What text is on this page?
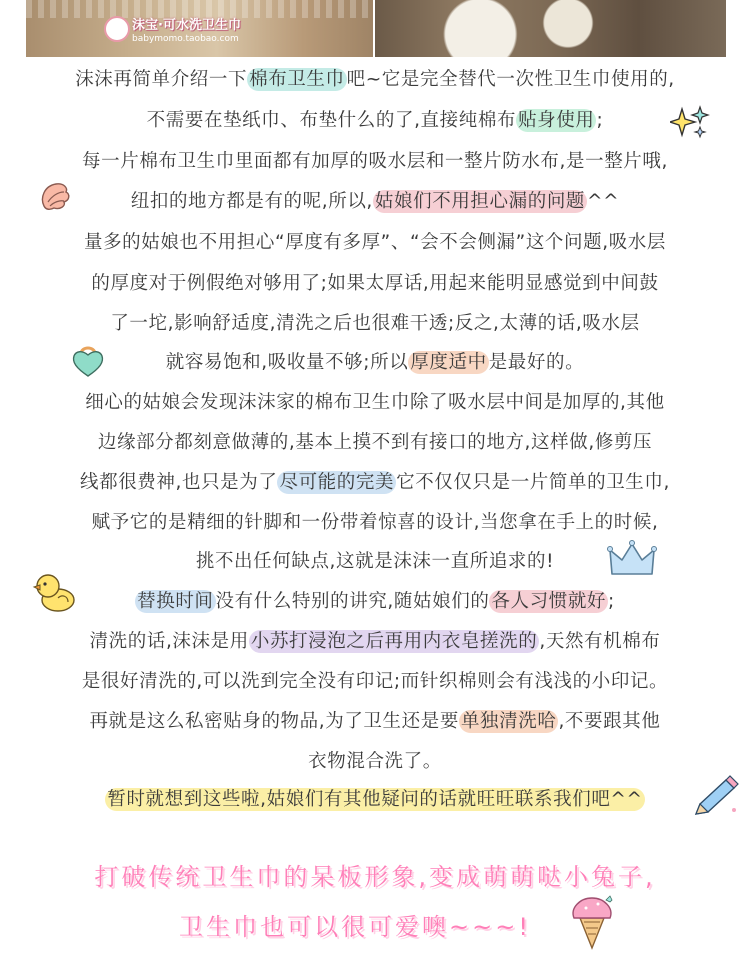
沫宝·可水洗卫生巾
babymomo.taobao.com
沫沫再简单介绍一下 棉布卫生巾 吧~它是完全替代一次性卫生巾使用的,
不需要在垫纸巾、布垫什么的了,直接纯棉布 贴身使用 ;
每一片棉布卫生巾里面都有加厚的吸水层和一整片防水布,是一整片哦,
纽扣的地方都是有的呢,所以, 姑娘们不用担心漏的问题 ^^
量多的姑娘也不用担心“厚度有多厚”、“会不会侧漏”这个问题,吸水层
的厚度对于例假绝对够用了;如果太厚话,用起来能明显感觉到中间鼓
了一坨,影响舒适度,清洗之后也很难干透;反之,太薄的话,吸水层
就容易饱和,吸收量不够;所以 厚度适中 是最好的。
细心的姑娘会发现沫沫家的棉布卫生巾除了吸水层中间是加厚的,其他
边缘部分都刻意做薄的,基本上摸不到有接口的地方,这样做,修剪压
线都很费神,也只是为了 尽可能的完美 它不仅仅只是一片简单的卫生巾,
赋予它的是精细的针脚和一份带着惊喜的设计,当您拿在手上的时候,
挑不出任何缺点,这就是沫沫一直所追求的!
替换时间 没有什么特别的讲究,随姑娘们的 各人习惯就好 ;
清洗的话,沫沫是用 小苏打浸泡之后再用内衣皂搓洗的 ,天然有机棉布
是很好清洗的,可以洗到完全没有印记;而针织棉则会有浅浅的小印记。
再就是这么私密贴身的物品,为了卫生还是要 单独清洗哈 ,不要跟其他
衣物混合洗了。
暂时就想到这些啦,姑娘们有其他疑问的话就旺旺联系我们吧^^
打破传统卫生巾的呆板形象,变成萌萌哒小兔子,
卫生巾也可以很可爱噢~~~!
